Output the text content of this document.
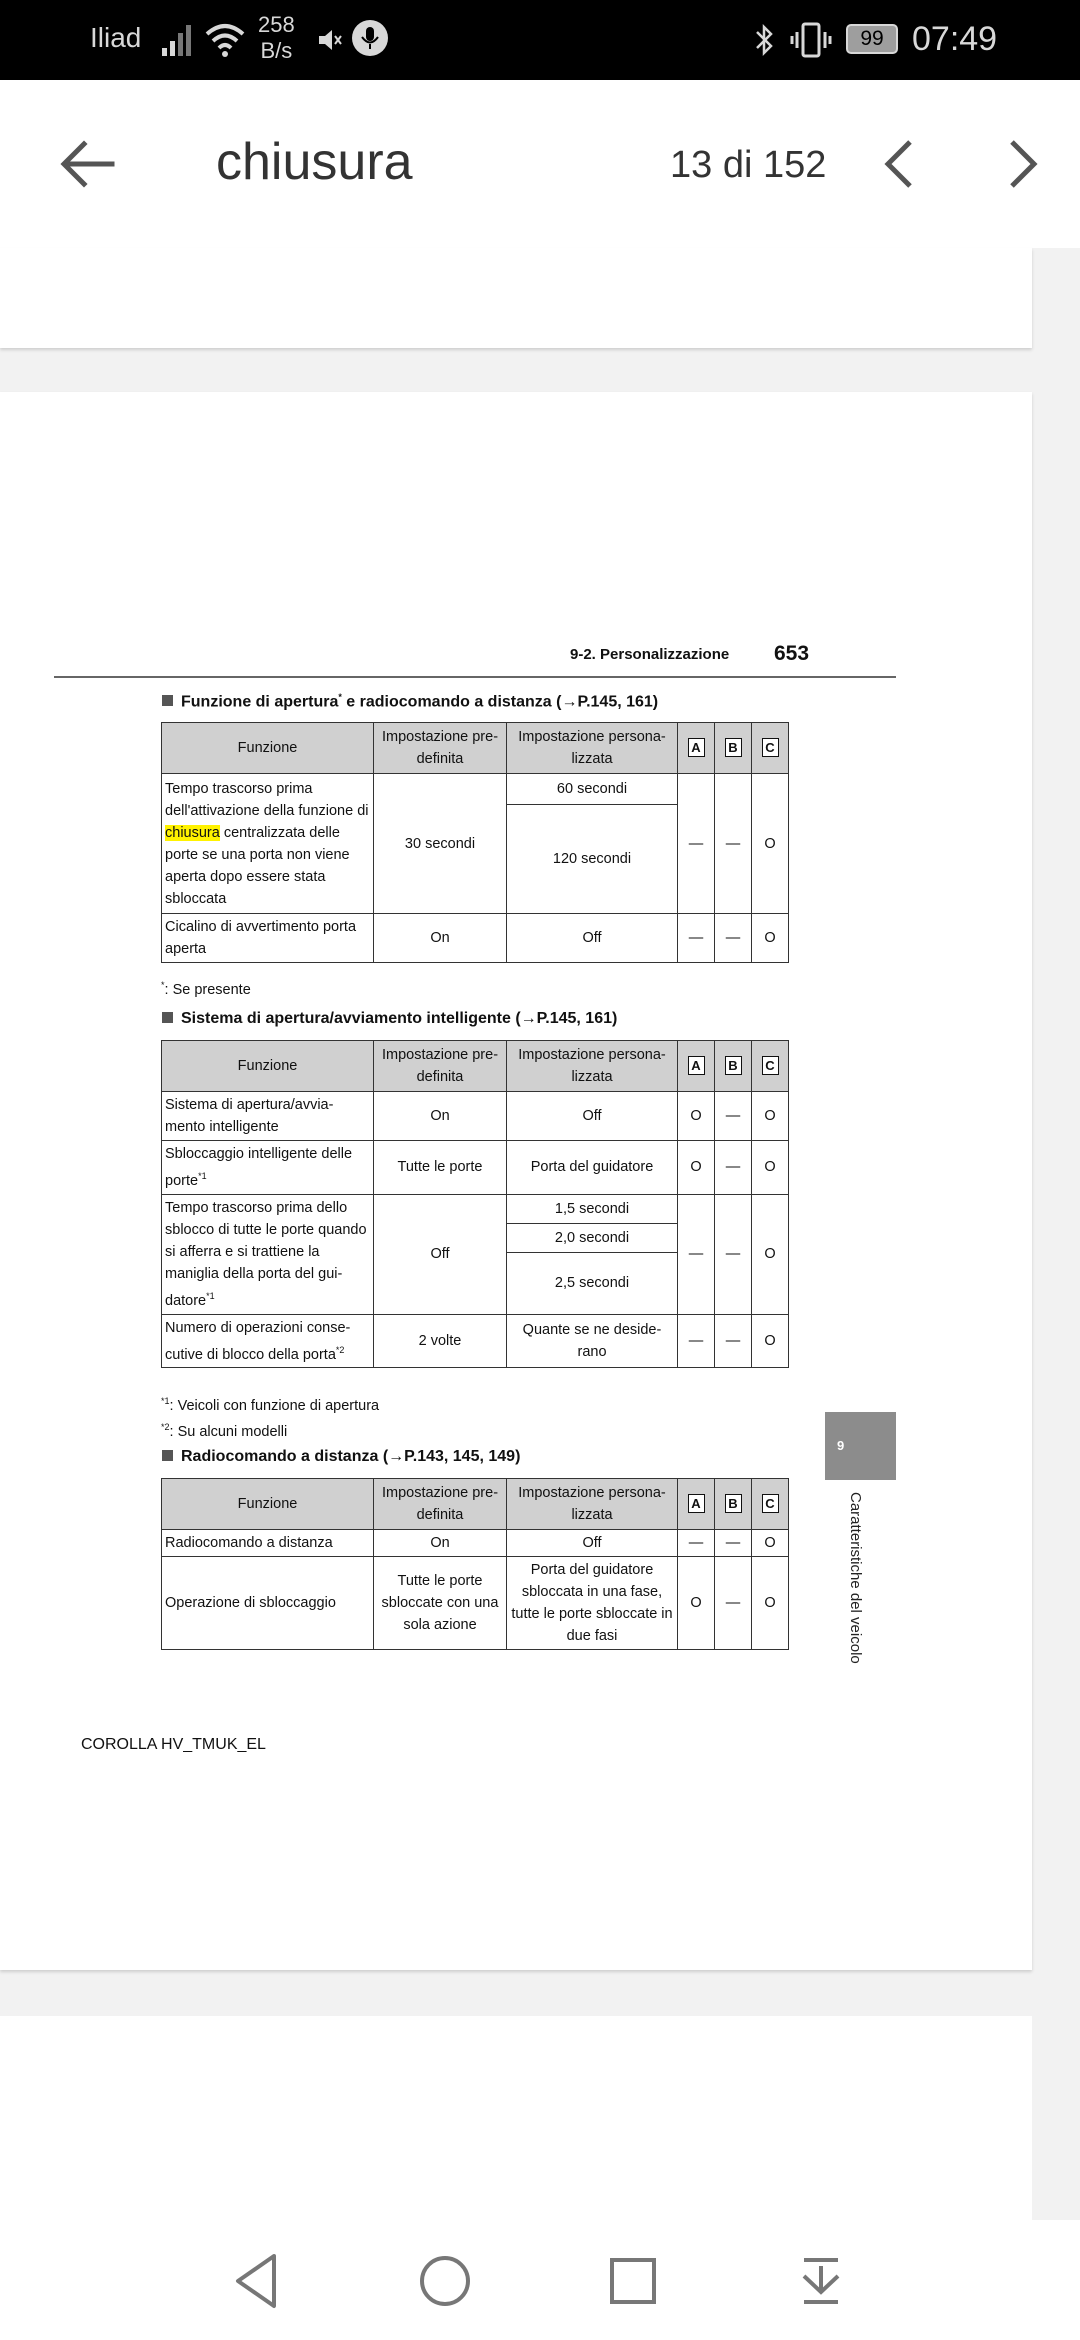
Iliad	258
B/s	99 07:49
chiusura	13 di 152
9-2. Personalizzazione 653
Funzione di apertura* e radiocomando a distanza (→P.145, 161)
Funzione	Impostazione pre-definita	Impostazione persona-lizzata	A	B	C
Tempo trascorso prima dell'attivazione della funzione di chiusura centralizzata delle porte se una porta non viene aperta dopo essere stata sbloccata	30 secondi	60 secondi	—	—	O
		120 secondi			
Cicalino di avvertimento porta aperta	On	Off	—	—	O
*: Se presente
Sistema di apertura/avviamento intelligente (→P.145, 161)
Funzione	Impostazione pre-definita	Impostazione persona-lizzata	A	B	C
Sistema di apertura/avvia-mento intelligente	On	Off	O	—	O
Sbloccaggio intelligente delle porte$^{*1}$	Tutte le porte	Porta del guidatore	O	—	O
Tempo trascorso prima dello sblocco di tutte le porte quando si afferra e si trattiene la maniglia della porta del gui-datore$^{*1}$	Off	1,5 secondi	—	—	O
		2,0 secondi			
		2,5 secondi			
Numero di operazioni conse-cutive di blocco della porta$^{*2}$	2 volte	Quante se ne deside-rano	—	—	O
$^{*1}$: Veicoli con funzione di apertura
$^{*2}$: Su alcuni modelli
Radiocomando a distanza (→P.143, 145, 149)
Funzione	Impostazione pre-definita	Impostazione persona-lizzata	A	B	C
Radiocomando a distanza	On	Off	—	—	O
Operazione di sbloccaggio	Tutte le porte sbloccate con una sola azione	Porta del guidatore sbloccata in una fase, tutte le porte sbloccate in due fasi	O	—	O
9
Caratteristiche del veicolo
COROLLA HV_TMUK_EL
